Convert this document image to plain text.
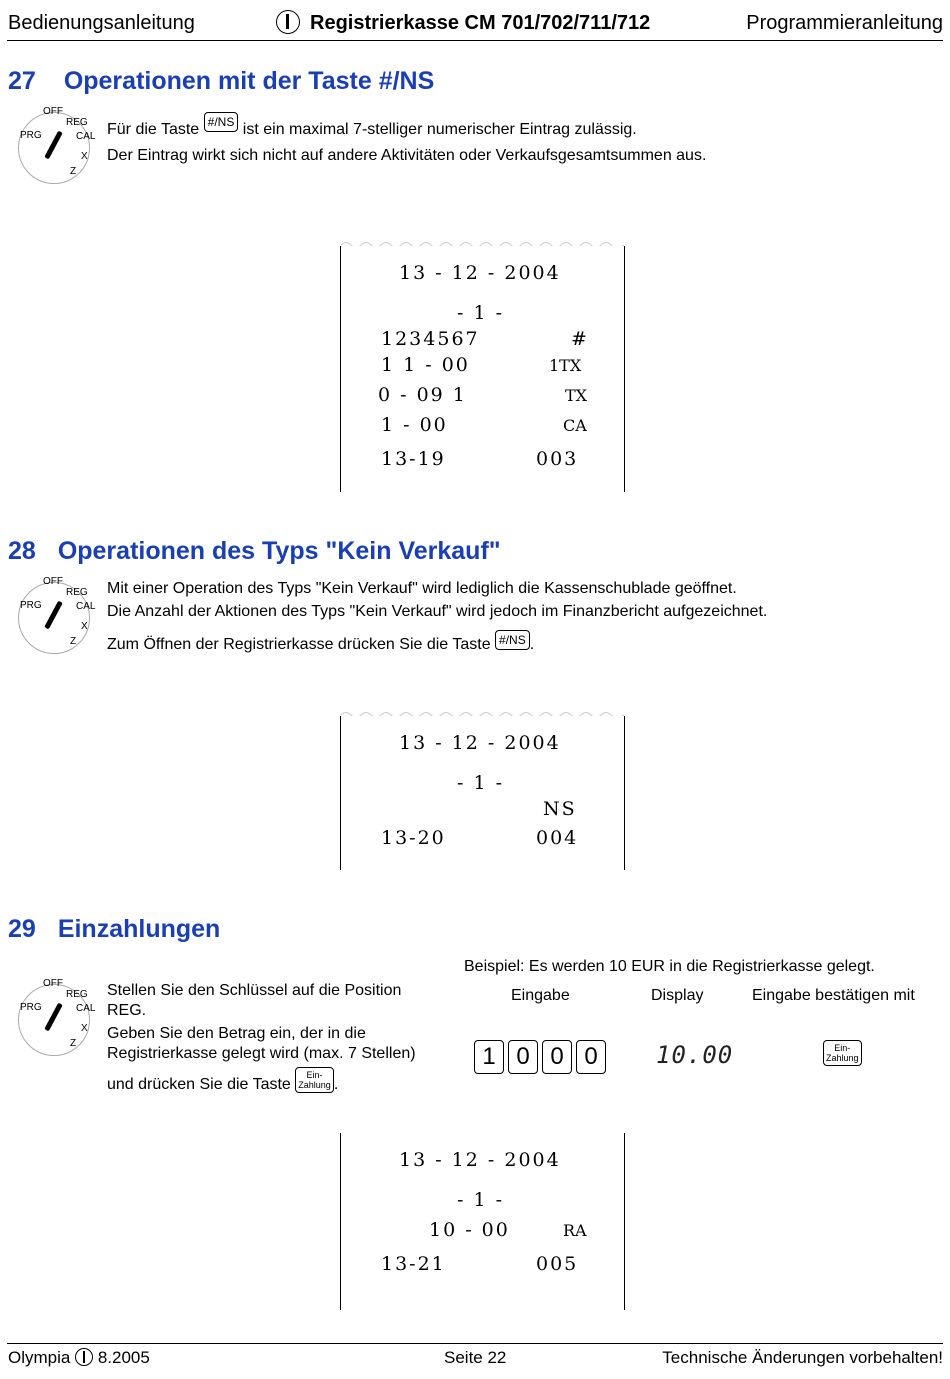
Bedienungsanleitung	Registrierkasse CM 701/702/711/712	Programmieranleitung
27 Operationen mit der Taste #/NS
OFF
REG
PRG	CAL
X
Z
Für die Taste #/NS ist ein maximal 7-stelliger numerischer Eintrag zulässig.
Der Eintrag wirkt sich nicht auf andere Aktivitäten oder Verkaufsgesamtsummen aus.
13 - 12 - 2004
- 1 -
1234567	#
1 1 - 00	1TX
0 - 09 1	TX
1 - 00	CA
13-19	003
28 Operationen des Typs "Kein Verkauf"
OFF
REG
PRG	CAL
X
Z
Mit einer Operation des Typs "Kein Verkauf" wird lediglich die Kassenschublade geöffnet.
Die Anzahl der Aktionen des Typs "Kein Verkauf" wird jedoch im Finanzbericht aufgezeichnet.
Zum Öffnen der Registrierkasse drücken Sie die Taste #/NS .
13 - 12 - 2004
- 1 -
NS
13-20	004
29 Einzahlungen
OFF
REG
PRG	CAL
X
Z
Stellen Sie den Schlüssel auf die Position
REG.
Geben Sie den Betrag ein, der in die
Registrierkasse gelegt wird (max. 7 Stellen)
und drücken Sie die Taste Ein-
Zahlung .
Beispiel: Es werden 10 EUR in die Registrierkasse gelegt.
Eingabe	Display	Eingabe bestätigen mit
1 0 0 0	10.00	Ein-
Zahlung
13 - 12 - 2004
- 1 -
10 - 00	RA
13-21	005
Olympia 8.2005	Seite 22	Technische Änderungen vorbehalten!
